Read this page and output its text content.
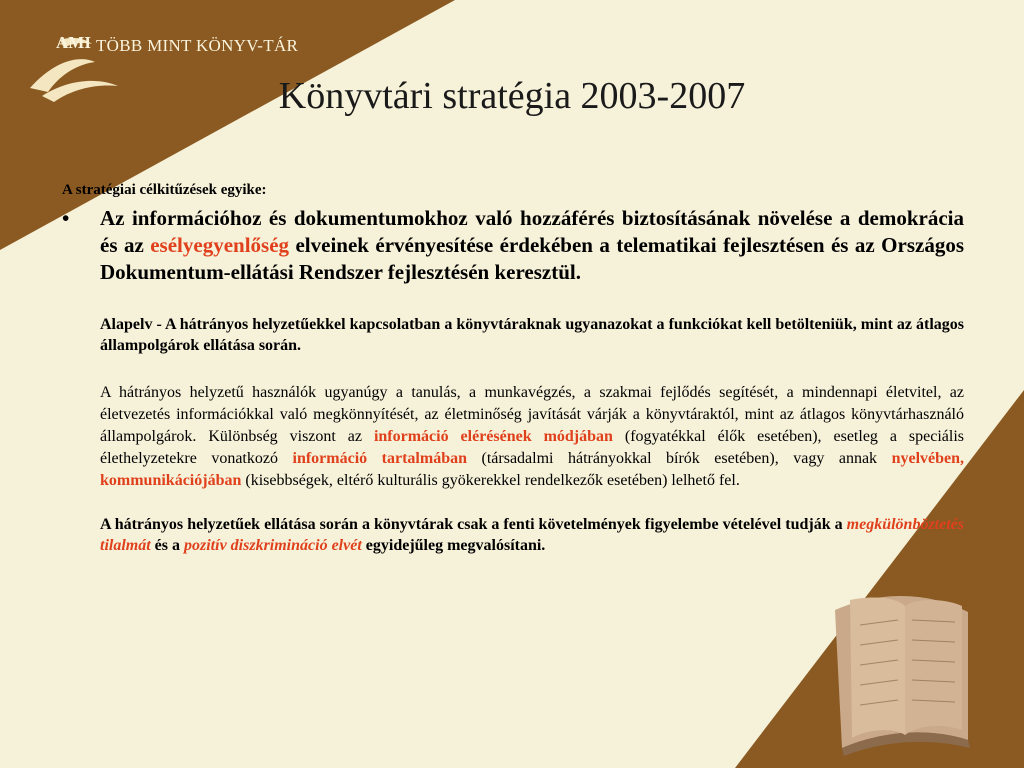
AMI TÖBB MINT KÖNYV-TÁR
Könyvtári stratégia 2003-2007
A stratégiai célkitűzések egyike:
•	Az információhoz és dokumentumokhoz való hozzáférés biztosításának növelése a demokrácia és az esélyegyenlőség elveinek érvényesítése érdekében a telematikai fejlesztésen és az Országos Dokumentum-ellátási Rendszer fejlesztésén keresztül.
Alapelv - A hátrányos helyzetűekkel kapcsolatban a könyvtáraknak ugyanazokat a funkciókat kell betölteniük, mint az átlagos állampolgárok ellátása során.
A hátrányos helyzetű használók ugyanúgy a tanulás, a munkavégzés, a szakmai fejlődés segítését, a mindennapi életvitel, az életvezetés információkkal való megkönnyítését, az életminőség javítását várják a könyvtáraktól, mint az átlagos könyvtárhasználó állampolgárok. Különbség viszont az információ elérésének módjában (fogyatékkal élők esetében), esetleg a speciális élethelyzetekre vonatkozó információ tartalmában (társadalmi hátrányokkal bírók esetében), vagy annak nyelvében, kommunikációjában (kisebbségek, eltérő kulturális gyökerekkel rendelkezők esetében) lelhető fel.
A hátrányos helyzetűek ellátása során a könyvtárak csak a fenti követelmények figyelembe vételével tudják a megkülönböztetés tilalmát és a pozitív diszkrimináció elvét egyidejűleg megvalósítani.
